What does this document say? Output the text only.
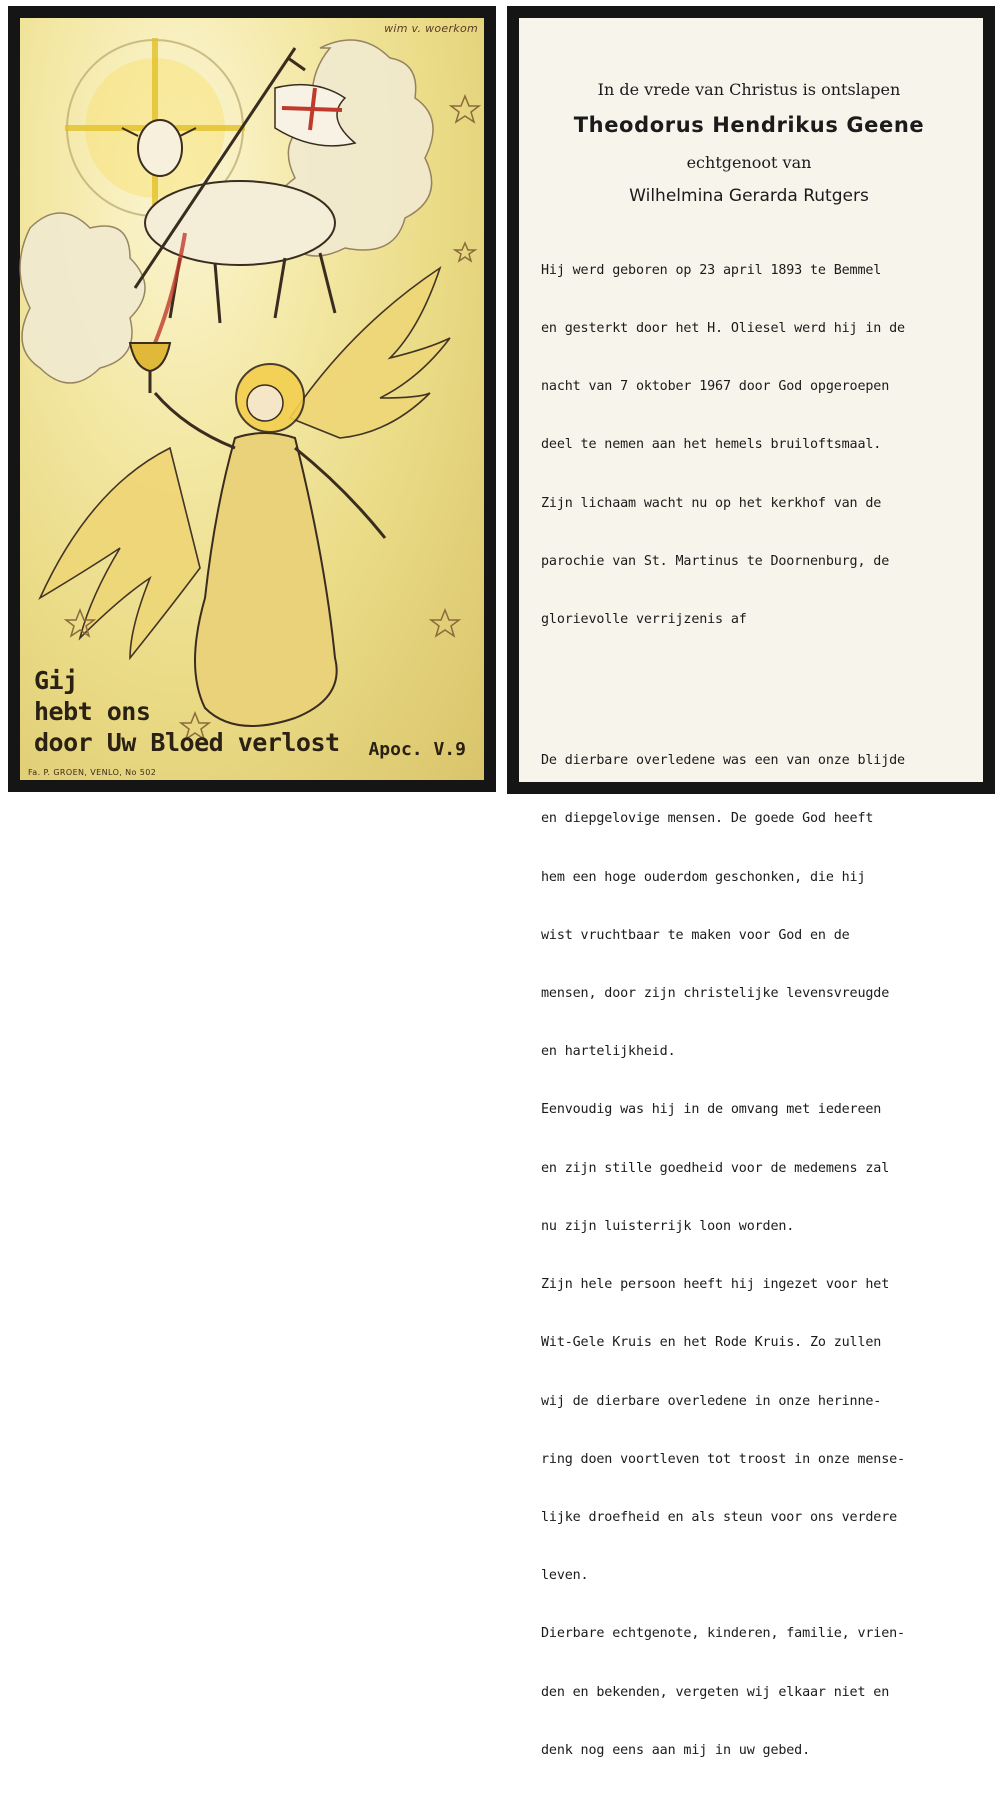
wim v. woerkom
Gij
hebt ons
door Uw Bloed verlost Apoc. V.9
Fa. P. GROEN, VENLO, No 502
In de vrede van Christus is ontslapen
Theodorus Hendrikus Geene
echtgenoot van
Wilhelmina Gerarda Rutgers

Hij werd geboren op 23 april 1893 te Bemmel

en gesterkt door het H. Oliesel werd hij in de

nacht van 7 oktober 1967 door God opgeroepen

deel te nemen aan het hemels bruiloftsmaal.

Zijn lichaam wacht nu op het kerkhof van de

parochie van St. Martinus te Doornenburg, de

glorievolle verrijzenis af

De dierbare overledene was een van onze blijde

en diepgelovige mensen. De goede God heeft

hem een hoge ouderdom geschonken, die hij

wist vruchtbaar te maken voor God en de

mensen, door zijn christelijke levensvreugde

en hartelijkheid.

Eenvoudig was hij in de omvang met iedereen

en zijn stille goedheid voor de medemens zal

nu zijn luisterrijk loon worden.

Zijn hele persoon heeft hij ingezet voor het

Wit-Gele Kruis en het Rode Kruis. Zo zullen

wij de dierbare overledene in onze herinne-

ring doen voortleven tot troost in onze mense-

lijke droefheid en als steun voor ons verdere

leven.

Dierbare echtgenote, kinderen, familie, vrien-

den en bekenden, vergeten wij elkaar niet en

denk nog eens aan mij in uw gebed.
